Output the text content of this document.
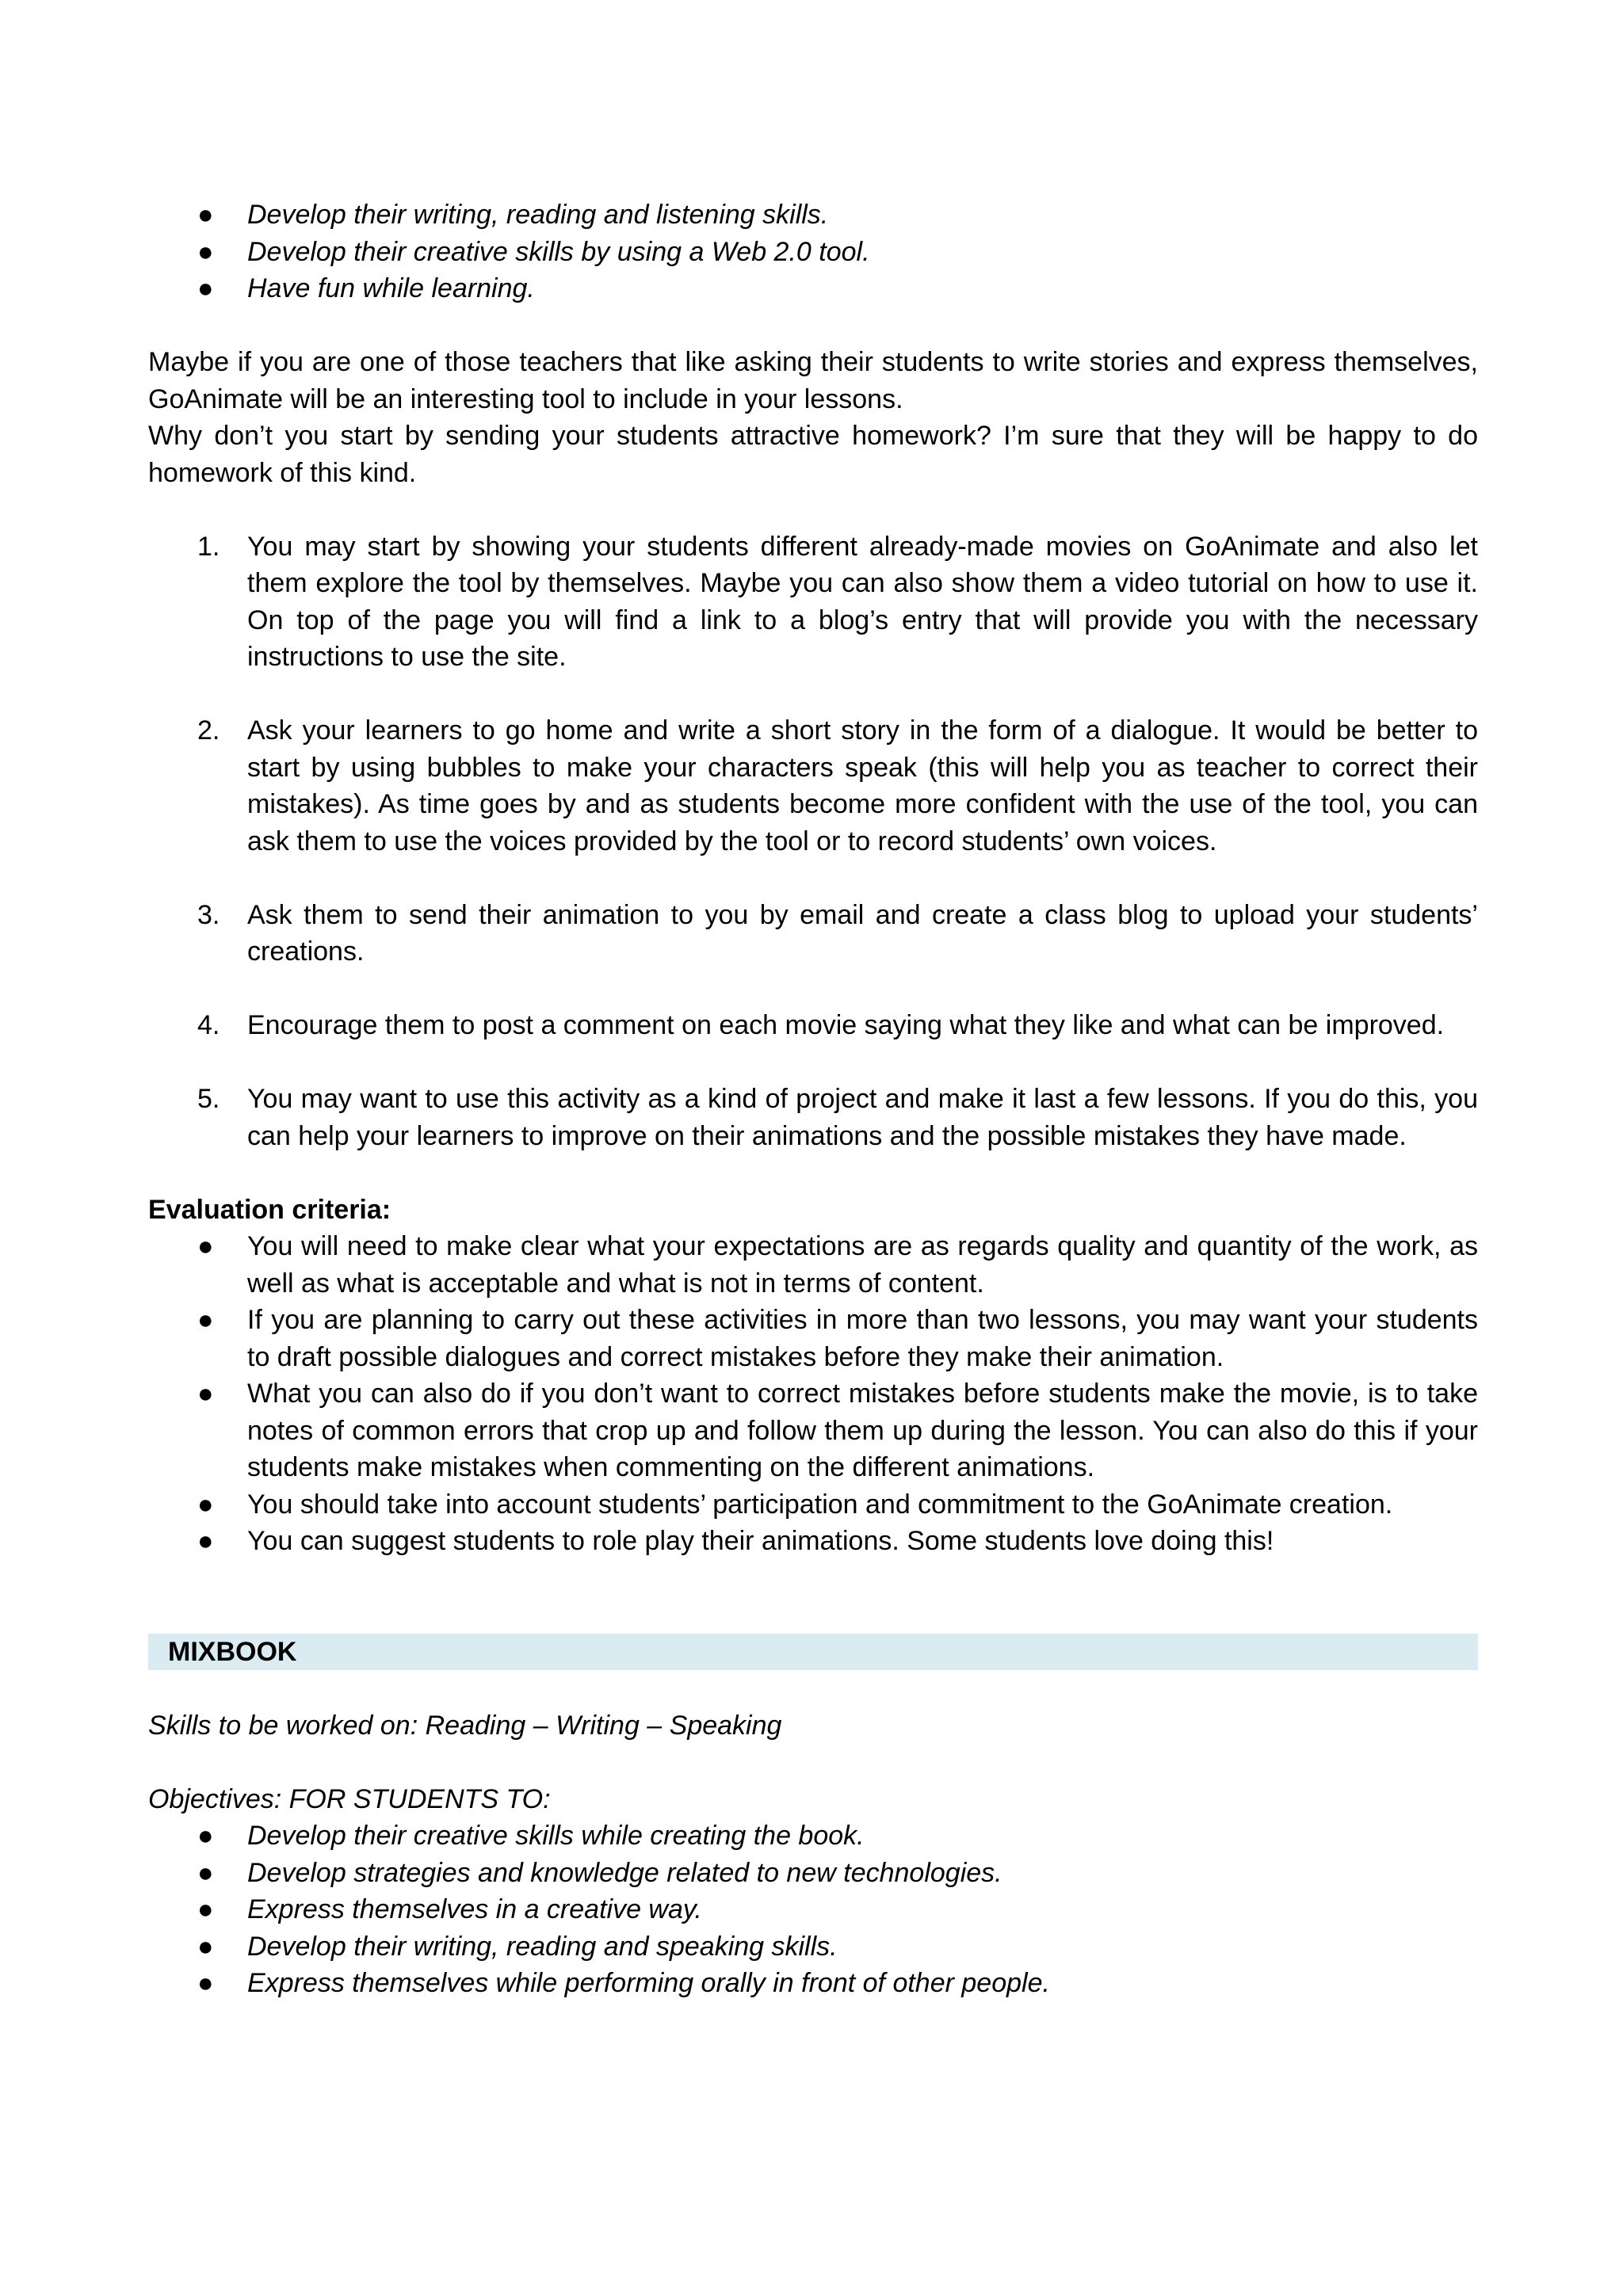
● Develop their writing, reading and listening skills.
● Develop their creative skills by using a Web 2.0 tool.
● Have fun while learning.

Maybe if you are one of those teachers that like asking their students to write stories and express themselves, GoAnimate will be an interesting tool to include in your lessons.

Why don’t you start by sending your students attractive homework? I’m sure that they will be happy to do homework of this kind.

1. You may start by showing your students different already-made movies on GoAnimate and also let them explore the tool by themselves. Maybe you can also show them a video tutorial on how to use it. On top of the page you will find a link to a blog’s entry that will provide you with the necessary instructions to use the site.
2. Ask your learners to go home and write a short story in the form of a dialogue. It would be better to start by using bubbles to make your characters speak (this will help you as teacher to correct their mistakes). As time goes by and as students become more confident with the use of the tool, you can ask them to use the voices provided by the tool or to record students’ own voices.
3. Ask them to send their animation to you by email and create a class blog to upload your students’ creations.
4. Encourage them to post a comment on each movie saying what they like and what can be improved.
5. You may want to use this activity as a kind of project and make it last a few lessons. If you do this, you can help your learners to improve on their animations and the possible mistakes they have made.

Evaluation criteria:

● You will need to make clear what your expectations are as regards quality and quantity of the work, as well as what is acceptable and what is not in terms of content.
● If you are planning to carry out these activities in more than two lessons, you may want your students to draft possible dialogues and correct mistakes before they make their animation.
● What you can also do if you don’t want to correct mistakes before students make the movie, is to take notes of common errors that crop up and follow them up during the lesson. You can also do this if your students make mistakes when commenting on the different animations.
● You should take into account students’ participation and commitment to the GoAnimate creation.
● You can suggest students to role play their animations. Some students love doing this!
MIXBOOK

Skills to be worked on: Reading – Writing – Speaking

Objectives: FOR STUDENTS TO:

● Develop their creative skills while creating the book.
● Develop strategies and knowledge related to new technologies.
● Express themselves in a creative way.
● Develop their writing, reading and speaking skills.
● Express themselves while performing orally in front of other people.
